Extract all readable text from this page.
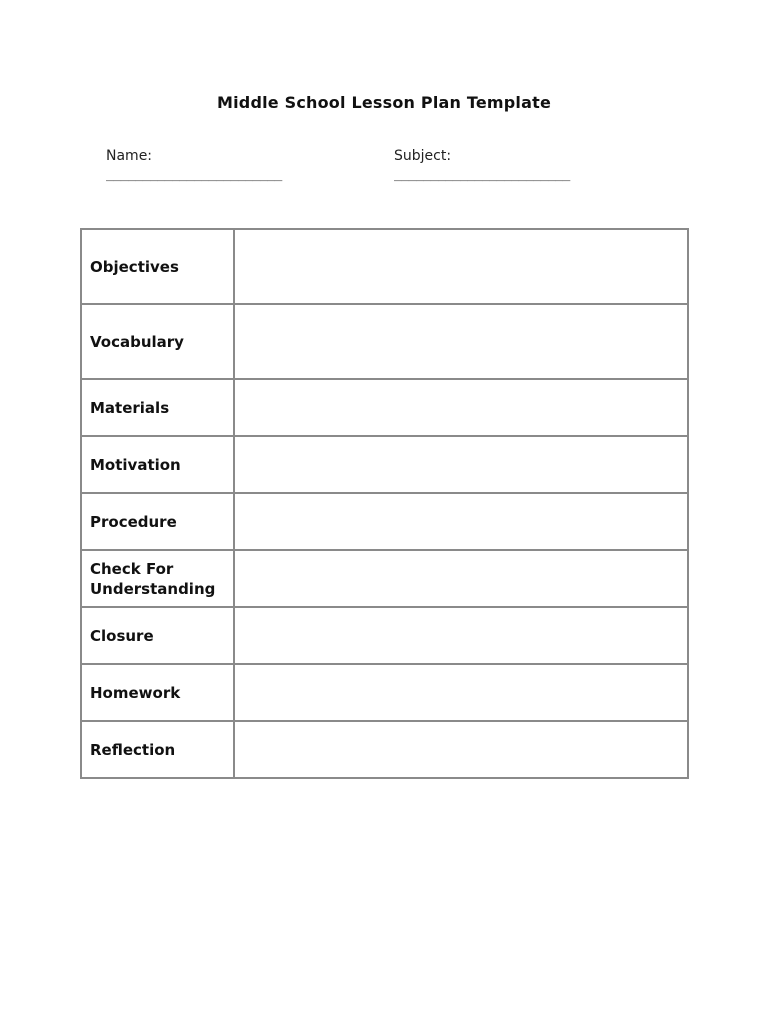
Middle School Lesson Plan Template
Name:
________________________
Subject:
________________________
Objectives	
Vocabulary	
Materials	
Motivation	
Procedure	
Check For Understanding	
Closure	
Homework	
Reflection	
